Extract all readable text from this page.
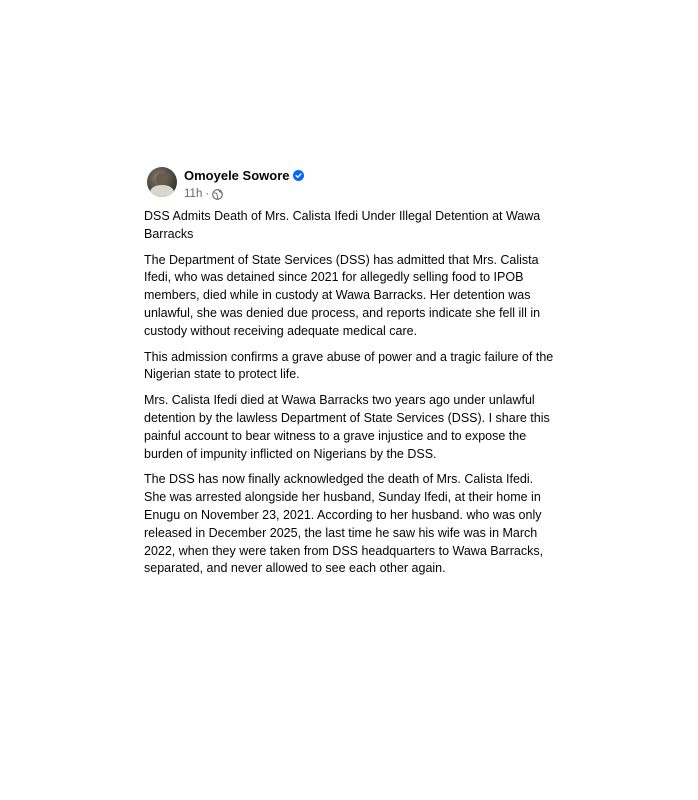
Omoyele Sowore
11h ·

DSS Admits Death of Mrs. Calista Ifedi Under Illegal Detention at Wawa Barracks

The Department of State Services (DSS) has admitted that Mrs. Calista Ifedi, who was detained since 2021 for allegedly selling food to IPOB members, died while in custody at Wawa Barracks. Her detention was unlawful, she was denied due process, and reports indicate she fell ill in custody without receiving adequate medical care.

This admission confirms a grave abuse of power and a tragic failure of the Nigerian state to protect life.

Mrs. Calista Ifedi died at Wawa Barracks two years ago under unlawful detention by the lawless Department of State Services (DSS). I share this painful account to bear witness to a grave injustice and to expose the burden of impunity inflicted on Nigerians by the DSS.

The DSS has now finally acknowledged the death of Mrs. Calista Ifedi. She was arrested alongside her husband, Sunday Ifedi, at their home in Enugu on November 23, 2021. According to her husband. who was only released in December 2025, the last time he saw his wife was in March 2022, when they were taken from DSS headquarters to Wawa Barracks, separated, and never allowed to see each other again.
